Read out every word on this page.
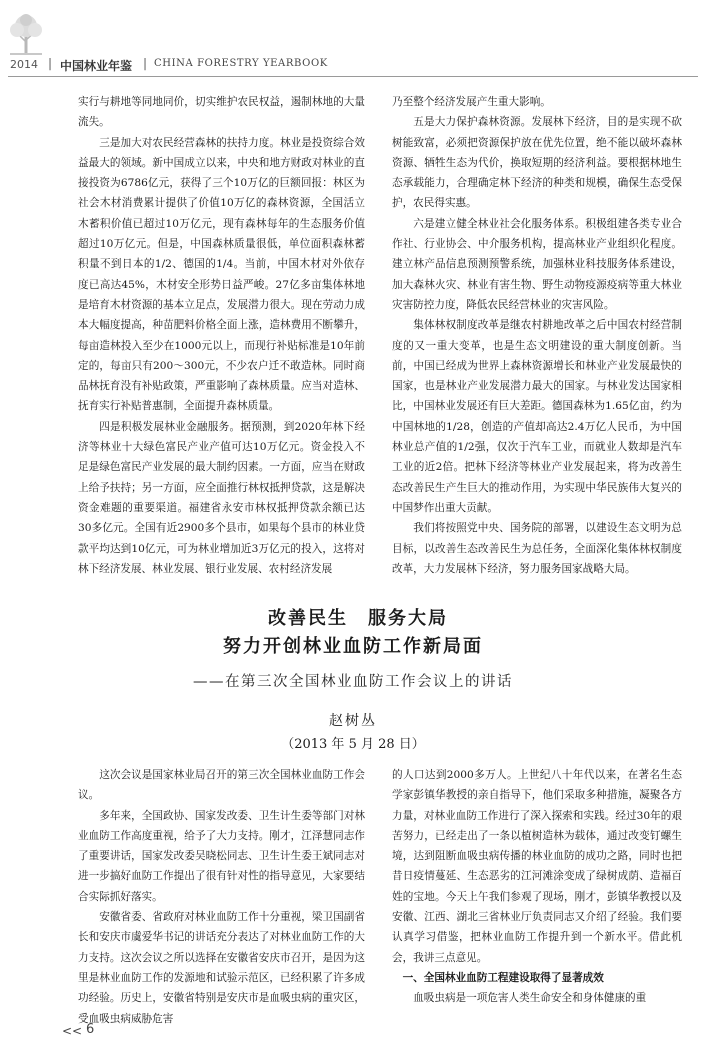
2014 | 中国林业年鉴 | CHINA FORESTRY YEARBOOK

实行与耕地等同地同价，切实维护农民权益，遏制林地的大量流失。

三是加大对农民经营森林的扶持力度。林业是投资综合效益最大的领域。新中国成立以来，中央和地方财政对林业的直接投资为6786亿元，获得了三个10万亿的巨额回报：林区为社会木材消费累计提供了价值10万亿的森林资源，全国活立木蓄积价值已超过10万亿元，现有森林每年的生态服务价值超过10万亿元。但是，中国森林质量很低，单位面积森林蓄积量不到日本的1/2、德国的1/4。当前，中国木材对外依存度已高达45%，木材安全形势日益严峻。27亿多亩集体林地是培育木材资源的基本立足点，发展潜力很大。现在劳动力成本大幅度提高，种苗肥料价格全面上涨，造林费用不断攀升，每亩造林投入至少在1000元以上，而现行补贴标准是10年前定的，每亩只有200～300元，不少农户迁不敢造林。同时商品林抚育没有补贴政策，严重影响了森林质量。应当对造林、抚育实行补贴普惠制，全面提升森林质量。

四是积极发展林业金融服务。据预测，到2020年林下经济等林业十大绿色富民产业产值可达10万亿元。资金投入不足是绿色富民产业发展的最大制约因素。一方面，应当在财政上给予扶持；另一方面，应全面推行林权抵押贷款，这是解决资金难题的重要渠道。福建省永安市林权抵押贷款余额已达30多亿元。全国有近2900多个县市，如果每个县市的林业贷款平均达到10亿元，可为林业增加近3万亿元的投入，这将对林下经济发展、林业发展、银行业发展、农村经济发展

乃至整个经济发展产生重大影响。

五是大力保护森林资源。发展林下经济，目的是实现不砍树能致富，必须把资源保护放在优先位置，绝不能以破坏森林资源、牺牲生态为代价，换取短期的经济利益。要根据林地生态承载能力，合理确定林下经济的种类和规模，确保生态受保护，农民得实惠。

六是建立健全林业社会化服务体系。积极组建各类专业合作社、行业协会、中介服务机构，提高林业产业组织化程度。建立林产品信息预测预警系统，加强林业科技服务体系建设，加大森林火灾、林业有害生物、野生动物疫源疫病等重大林业灾害防控力度，降低农民经营林业的灾害风险。

集体林权制度改革是继农村耕地改革之后中国农村经营制度的又一重大变革，也是生态文明建设的重大制度创新。当前，中国已经成为世界上森林资源增长和林业产业发展最快的国家，也是林业产业发展潜力最大的国家。与林业发达国家相比，中国林业发展还有巨大差距。德国森林为1.65亿亩，约为中国林地的1/28，创造的产值却高达2.4万亿人民币，为中国林业总产值的1/2强，仅次于汽车工业，而就业人数却是汽车工业的近2倍。把林下经济等林业产业发展起来，将为改善生态改善民生产生巨大的推动作用，为实现中华民族伟大复兴的中国梦作出重大贡献。

我们将按照党中央、国务院的部署，以建设生态文明为总目标，以改善生态改善民生为总任务，全面深化集体林权制度改革，大力发展林下经济，努力服务国家战略大局。

改善民生　服务大局
努力开创林业血防工作新局面
——在第三次全国林业血防工作会议上的讲话
赵树丛
（2013 年 5 月 28 日）

这次会议是国家林业局召开的第三次全国林业血防工作会议。

多年来，全国政协、国家发改委、卫生计生委等部门对林业血防工作高度重视，给予了大力支持。刚才，江泽慧同志作了重要讲话，国家发改委吴晓松同志、卫生计生委王斌同志对进一步搞好血防工作提出了很有针对性的指导意见，大家要结合实际抓好落实。

安徽省委、省政府对林业血防工作十分重视，梁卫国副省长和安庆市虞爱华书记的讲话充分表达了对林业血防工作的大力支持。这次会议之所以选择在安徽省安庆市召开，是因为这里是林业血防工作的发源地和试验示范区，已经积累了许多成功经验。历史上，安徽省特别是安庆市是血吸虫病的重灾区，受血吸虫病威胁危害

的人口达到2000多万人。上世纪八十年代以来，在著名生态学家彭镇华教授的亲自指导下，他们采取多种措施，凝聚各方力量，对林业血防工作进行了深入探索和实践。经过30年的艰苦努力，已经走出了一条以植树造林为载体，通过改变钉螺生境，达到阻断血吸虫病传播的林业血防的成功之路，同时也把昔日疫情蔓延、生态恶劣的江河滩涂变成了绿树成荫、造福百姓的宝地。今天上午我们参观了现场，刚才，彭镇华教授以及安徽、江西、湖北三省林业厅负责同志又介绍了经验。我们要认真学习借鉴，把林业血防工作提升到一个新水平。借此机会，我讲三点意见。

一、全国林业血防工程建设取得了显著成效

血吸虫病是一项危害人类生命安全和身体健康的重

<< 6
